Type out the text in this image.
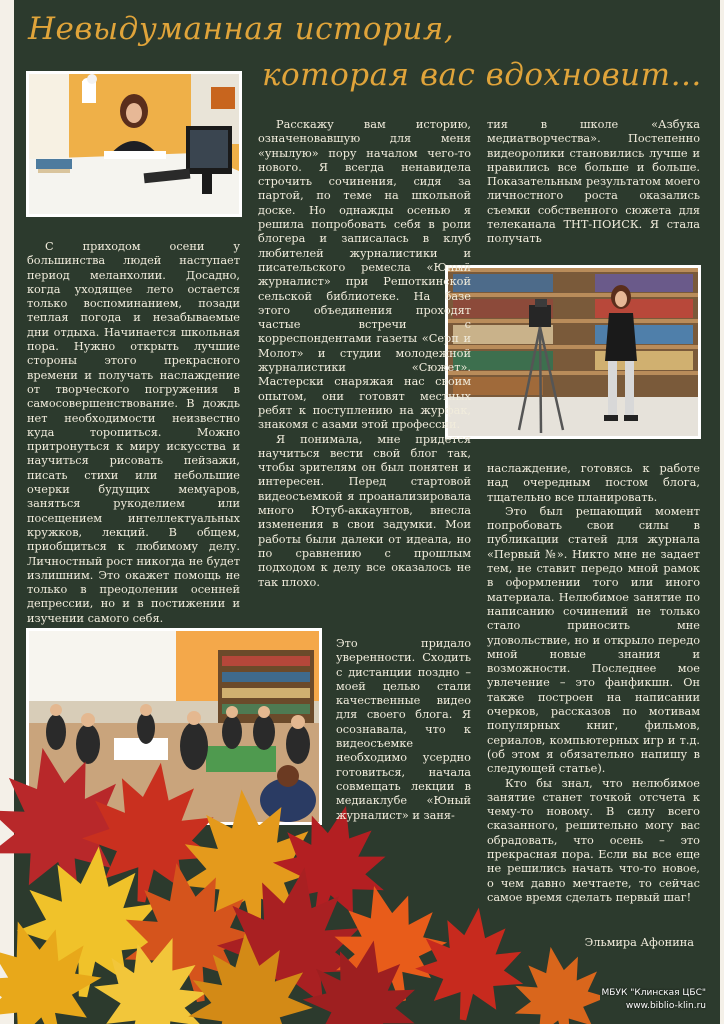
Невыдуманная история,
которая вас вдохновит…

С приходом осени у большинства людей наступает период меланхолии. Досадно, когда уходящее лето остается только воспоминанием, позади теплая погода и незабываемые дни отдыха. Начинается школьная пора. Нужно открыть лучшие стороны этого прекрасного времени и получать наслаждение от творческого погружения в самосовершенствование. В дождь нет необходимости неизвестно куда торопиться. Можно притронуться к миру искусства и научиться рисовать пейзажи, писать стихи или небольшие очерки будущих мемуаров, заняться рукоделием или посещением интеллектуальных кружков, лекций. В общем, приобщиться к любимому делу. Личностный рост никогда не будет излишним. Это окажет помощь не только в преодолении осенней депрессии, но и в постижении и изучении самого себя.

Расскажу вам историю, означеновавшую для меня «унылую» пору началом чего-то нового. Я всегда ненавидела строчить сочинения, сидя за партой, по теме на школьной доске. Но однажды осенью я решила попробовать себя в роли блогера и записалась в клуб любителей журналистики и писательского ремесла «Юный журналист» при Решоткинской сельской библиотеке. На базе этого объединения проходят частые встречи с корреспондентами газеты «Серп и Молот» и студии молодежной журналистики «Сюжет». Мастерски снаряжая нас своим опытом, они готовят местных ребят к поступлению на журфак, знакомя с азами этой профессии.

Я понимала, мне придется научиться вести свой блог так, чтобы зрителям он был понятен и интересен. Перед стартовой видеосъемкой я проанализировала много Ютуб-аккаунтов, внесла изменения в свои задумки. Мои работы были далеки от идеала, но по сравнению с прошлым подходом к делу все оказалось не так плохо.

Это придало уверенности. Сходить с дистанции поздно – моей целью стали качественные видео для своего блога. Я осознавала, что к видеосъемке необходимо усердно готовиться, начала совмещать лекции в медиаклубе «Юный журналист» и заня-

тия в школе «Азбука медиатворчества». Постепенно видеоролики становились лучше и нравились все больше и больше. Показательным результатом моего личностного роста оказались съемки собственного сюжета для телеканала ТНТ-ПОИСК. Я стала получать

наслаждение, готовясь к работе над очередным постом блога, тщательно все планировать.

Это был решающий момент попробовать свои силы в публикации статей для журнала «Первый №». Никто мне не задает тем, не ставит передо мной рамок в оформлении того или иного материала. Нелюбимое занятие по написанию сочинений не только стало приносить мне удовольствие, но и открыло передо мной новые знания и возможности. Последнее мое увлечение – это фанфикшн. Он также построен на написании очерков, рассказов по мотивам популярных книг, фильмов, сериалов, компьютерных игр и т.д. (об этом я обязательно напишу в следующей статье).

Кто бы знал, что нелюбимое занятие станет точкой отсчета к чему-то новому. В силу всего сказанного, решительно могу вас обрадовать, что осень – это прекрасная пора. Если вы все еще не решились начать что-то новое, о чем давно мечтаете, то сейчас самое время сделать первый шаг!

Эльмира Афонина
МБУК "Клинская ЦБС"
www.biblio-klin.ru
